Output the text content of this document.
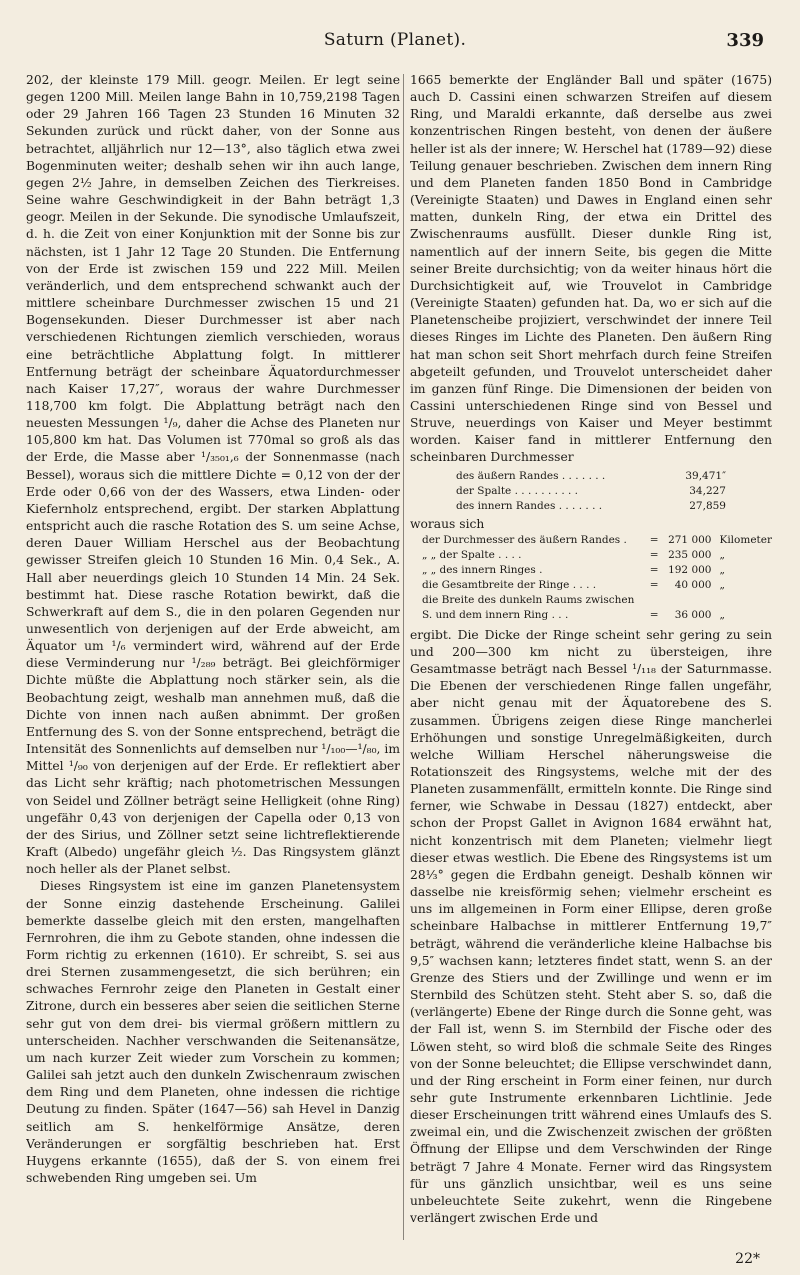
Saturn (Planet).	339

202, der kleinste 179 Mill. geogr. Meilen. Er legt seine gegen 1200 Mill. Meilen lange Bahn in 10,759,2198 Tagen oder 29 Jahren 166 Tagen 23 Stunden 16 Minuten 32 Sekunden zurück und rückt daher, von der Sonne aus betrachtet, alljährlich nur 12—13°, also täglich etwa zwei Bogenminuten weiter; deshalb sehen wir ihn auch lange, gegen 2½ Jahre, in demselben Zeichen des Tierkreises. Seine wahre Geschwindigkeit in der Bahn beträgt 1,3 geogr. Meilen in der Sekunde. Die synodische Umlaufszeit, d. h. die Zeit von einer Konjunktion mit der Sonne bis zur nächsten, ist 1 Jahr 12 Tage 20 Stunden. Die Entfernung von der Erde ist zwischen 159 und 222 Mill. Meilen veränderlich, und dem entsprechend schwankt auch der mittlere scheinbare Durchmesser zwischen 15 und 21 Bogensekunden. Dieser Durchmesser ist aber nach verschiedenen Richtungen ziemlich verschieden, woraus eine beträchtliche Abplattung folgt. In mittlerer Entfernung beträgt der scheinbare Äquatordurchmesser nach Kaiser 17,27″, woraus der wahre Durchmesser 118,700 km folgt. Die Abplattung beträgt nach den neuesten Messungen ¹/₉, daher die Achse des Planeten nur 105,800 km hat. Das Volumen ist 770mal so groß als das der Erde, die Masse aber ¹/₃₅₀₁,₆ der Sonnenmasse (nach Bessel), woraus sich die mittlere Dichte = 0,12 von der der Erde oder 0,66 von der des Wassers, etwa Linden- oder Kiefernholz entsprechend, ergibt. Der starken Abplattung entspricht auch die rasche Rotation des S. um seine Achse, deren Dauer William Herschel aus der Beobachtung gewisser Streifen gleich 10 Stunden 16 Min. 0,4 Sek., A. Hall aber neuerdings gleich 10 Stunden 14 Min. 24 Sek. bestimmt hat. Diese rasche Rotation bewirkt, daß die Schwerkraft auf dem S., die in den polaren Gegenden nur unwesentlich von derjenigen auf der Erde abweicht, am Äquator um ¹/₆ vermindert wird, während auf der Erde diese Verminderung nur ¹/₂₈₉ beträgt. Bei gleichförmiger Dichte müßte die Abplattung noch stärker sein, als die Beobachtung zeigt, weshalb man annehmen muß, daß die Dichte von innen nach außen abnimmt. Der großen Entfernung des S. von der Sonne entsprechend, beträgt die Intensität des Sonnenlichts auf demselben nur ¹/₁₀₀—¹/₈₀, im Mittel ¹/₉₀ von derjenigen auf der Erde. Er reflektiert aber das Licht sehr kräftig; nach photometrischen Messungen von Seidel und Zöllner beträgt seine Helligkeit (ohne Ring) ungefähr 0,43 von derjenigen der Capella oder 0,13 von der des Sirius, und Zöllner setzt seine lichtreflektierende Kraft (Albedo) ungefähr gleich ½. Das Ringsystem glänzt noch heller als der Planet selbst.

Dieses Ringsystem ist eine im ganzen Planetensystem der Sonne einzig dastehende Erscheinung. Galilei bemerkte dasselbe gleich mit den ersten, mangelhaften Fernrohren, die ihm zu Gebote standen, ohne indessen die Form richtig zu erkennen (1610). Er schreibt, S. sei aus drei Sternen zusammengesetzt, die sich berühren; ein schwaches Fernrohr zeige den Planeten in Gestalt einer Zitrone, durch ein besseres aber seien die seitlichen Sterne sehr gut von dem drei- bis viermal größern mittlern zu unterscheiden. Nachher verschwanden die Seitenansätze, um nach kurzer Zeit wieder zum Vorschein zu kommen; Galilei sah jetzt auch den dunkeln Zwischenraum zwischen dem Ring und dem Planeten, ohne indessen die richtige Deutung zu finden. Später (1647—56) sah Hevel in Danzig seitlich am S. henkelförmige Ansätze, deren Veränderungen er sorgfältig beschrieben hat. Erst Huygens erkannte (1655), daß der S. von einem frei schwebenden Ring umgeben sei. Um

1665 bemerkte der Engländer Ball und später (1675) auch D. Cassini einen schwarzen Streifen auf diesem Ring, und Maraldi erkannte, daß derselbe aus zwei konzentrischen Ringen besteht, von denen der äußere heller ist als der innere; W. Herschel hat (1789—92) diese Teilung genauer beschrieben. Zwischen dem innern Ring und dem Planeten fanden 1850 Bond in Cambridge (Vereinigte Staaten) und Dawes in England einen sehr matten, dunkeln Ring, der etwa ein Drittel des Zwischenraums ausfüllt. Dieser dunkle Ring ist, namentlich auf der innern Seite, bis gegen die Mitte seiner Breite durchsichtig; von da weiter hinaus hört die Durchsichtigkeit auf, wie Trouvelot in Cambridge (Vereinigte Staaten) gefunden hat. Da, wo er sich auf die Planetenscheibe projiziert, verschwindet der innere Teil dieses Ringes im Lichte des Planeten. Den äußern Ring hat man schon seit Short mehrfach durch feine Streifen abgeteilt gefunden, und Trouvelot unterscheidet daher im ganzen fünf Ringe. Die Dimensionen der beiden von Cassini unterschiedenen Ringe sind von Bessel und Struve, neuerdings von Kaiser und Meyer bestimmt worden. Kaiser fand in mittlerer Entfernung den scheinbaren Durchmesser

des äußern Randes . . . . . . .	39,471″
der Spalte . . . . . . . . . .	34,227
des innern Randes . . . . . . .	27,859

woraus sich

der Durchmesser des äußern Randes .	=	271 000	Kilometer
„ „ der Spalte . . . .	=	235 000	„
„ „ des innern Ringes .	=	192 000	„
die Gesamtbreite der Ringe . . . .	=	40 000	„
die Breite des dunkeln Raums zwischen			
S. und dem innern Ring . . .	=	36 000	„

ergibt. Die Dicke der Ringe scheint sehr gering zu sein und 200—300 km nicht zu übersteigen, ihre Gesamtmasse beträgt nach Bessel ¹/₁₁₈ der Saturnmasse. Die Ebenen der verschiedenen Ringe fallen ungefähr, aber nicht genau mit der Äquatorebene des S. zusammen. Übrigens zeigen diese Ringe mancherlei Erhöhungen und sonstige Unregelmäßigkeiten, durch welche William Herschel näherungsweise die Rotationszeit des Ringsystems, welche mit der des Planeten zusammenfällt, ermitteln konnte. Die Ringe sind ferner, wie Schwabe in Dessau (1827) entdeckt, aber schon der Propst Gallet in Avignon 1684 erwähnt hat, nicht konzentrisch mit dem Planeten; vielmehr liegt dieser etwas westlich. Die Ebene des Ringsystems ist um 28⅓° gegen die Erdbahn geneigt. Deshalb können wir dasselbe nie kreisförmig sehen; vielmehr erscheint es uns im allgemeinen in Form einer Ellipse, deren große scheinbare Halbachse in mittlerer Entfernung 19,7″ beträgt, während die veränderliche kleine Halbachse bis 9,5″ wachsen kann; letzteres findet statt, wenn S. an der Grenze des Stiers und der Zwillinge und wenn er im Sternbild des Schützen steht. Steht aber S. so, daß die (verlängerte) Ebene der Ringe durch die Sonne geht, was der Fall ist, wenn S. im Sternbild der Fische oder des Löwen steht, so wird bloß die schmale Seite des Ringes von der Sonne beleuchtet; die Ellipse verschwindet dann, und der Ring erscheint in Form einer feinen, nur durch sehr gute Instrumente erkennbaren Lichtlinie. Jede dieser Erscheinungen tritt während eines Umlaufs des S. zweimal ein, und die Zwischenzeit zwischen der größten Öffnung der Ellipse und dem Verschwinden der Ringe beträgt 7 Jahre 4 Monate. Ferner wird das Ringsystem für uns gänzlich unsichtbar, weil es uns seine unbeleuchtete Seite zukehrt, wenn die Ringebene verlängert zwischen Erde und

22*
